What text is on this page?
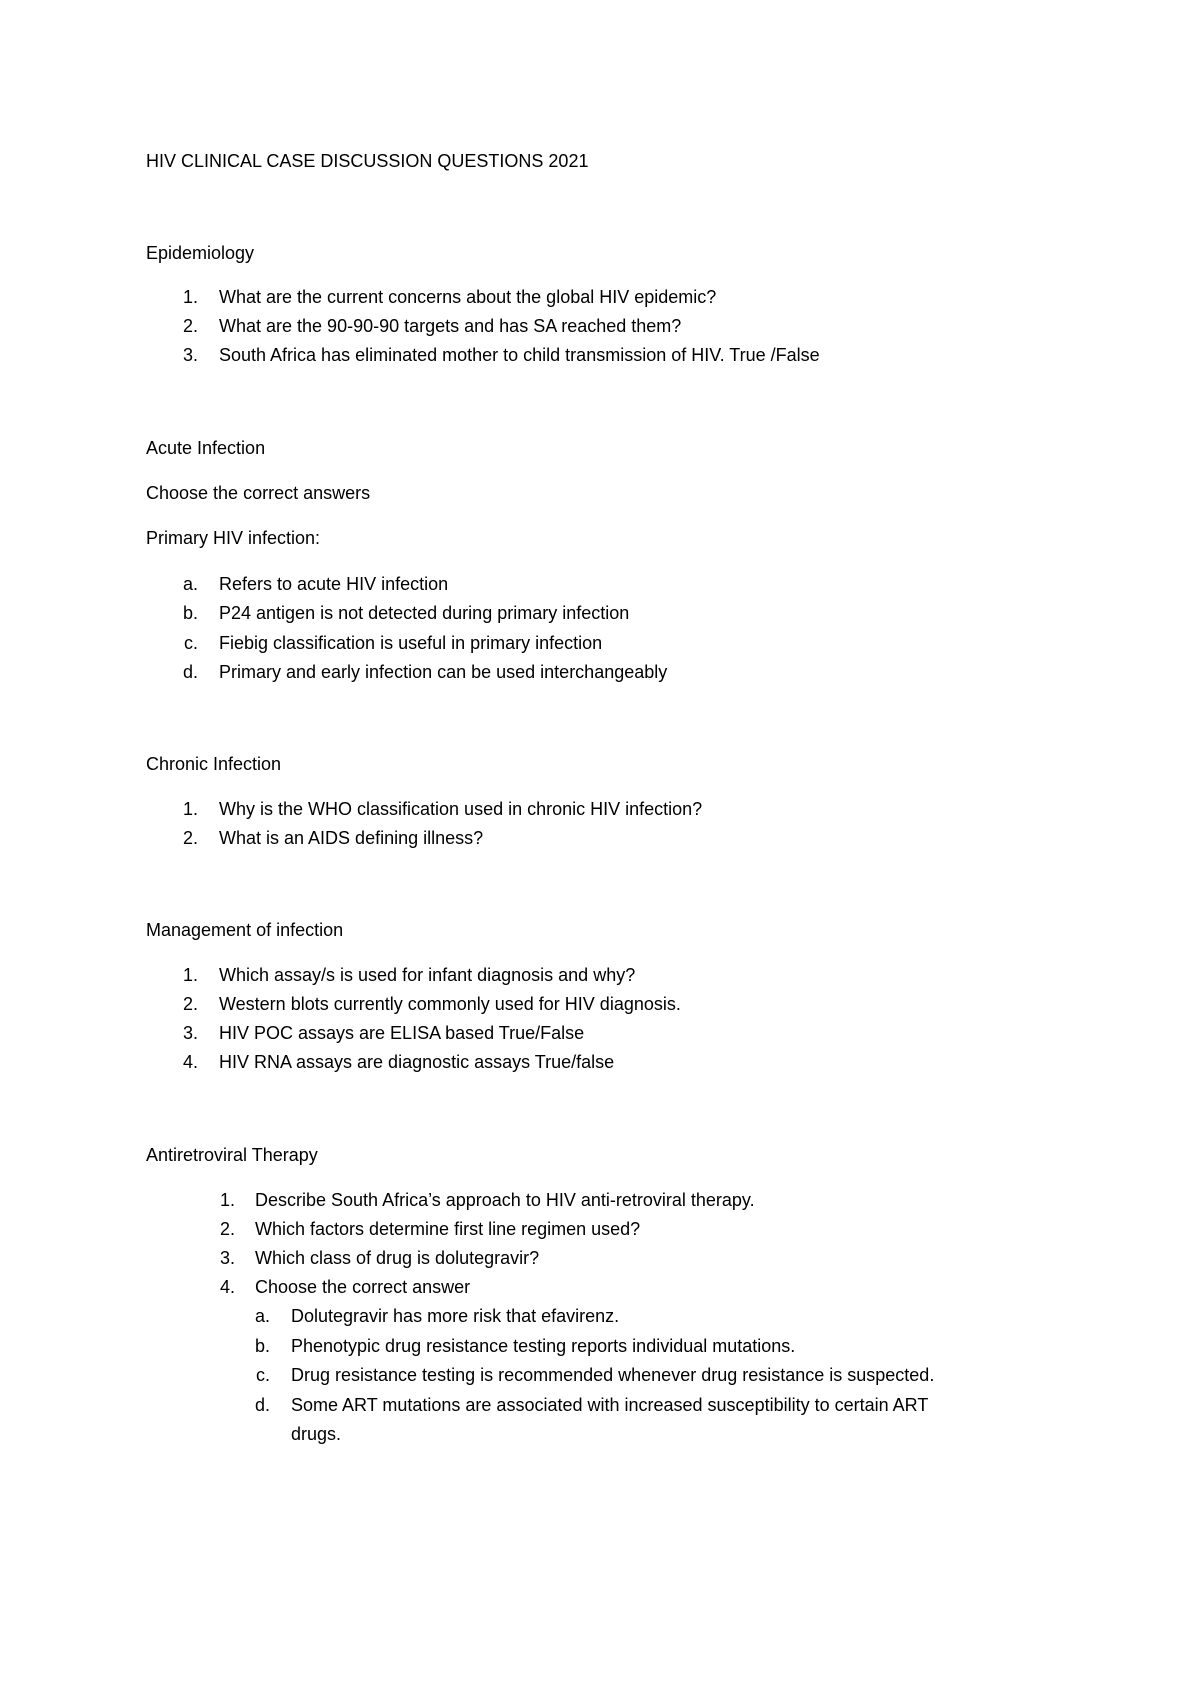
HIV CLINICAL CASE DISCUSSION QUESTIONS 2021
Epidemiology
1. What are the current concerns about the global HIV epidemic?
2. What are the 90-90-90 targets and has SA reached them?
3. South Africa has eliminated mother to child transmission of HIV. True /False
Acute Infection
Choose the correct answers
Primary HIV infection:
a. Refers to acute HIV infection
b. P24 antigen is not detected during primary infection
c. Fiebig classification is useful in primary infection
d. Primary and early infection can be used interchangeably
Chronic Infection
1. Why is the WHO classification used in chronic HIV infection?
2. What is an AIDS defining illness?
Management of infection
1. Which assay/s is used for infant diagnosis and why?
2. Western blots currently commonly used for HIV diagnosis.
3. HIV POC assays are ELISA based True/False
4. HIV RNA assays are diagnostic assays True/false
Antiretroviral Therapy
1. Describe South Africa’s approach to HIV anti-retroviral therapy.
2. Which factors determine first line regimen used?
3. Which class of drug is dolutegravir?
4. Choose the correct answer
a. Dolutegravir has more risk that efavirenz.
b. Phenotypic drug resistance testing reports individual mutations.
c. Drug resistance testing is recommended whenever drug resistance is suspected.
d. Some ART mutations are associated with increased susceptibility to certain ART
drugs.
